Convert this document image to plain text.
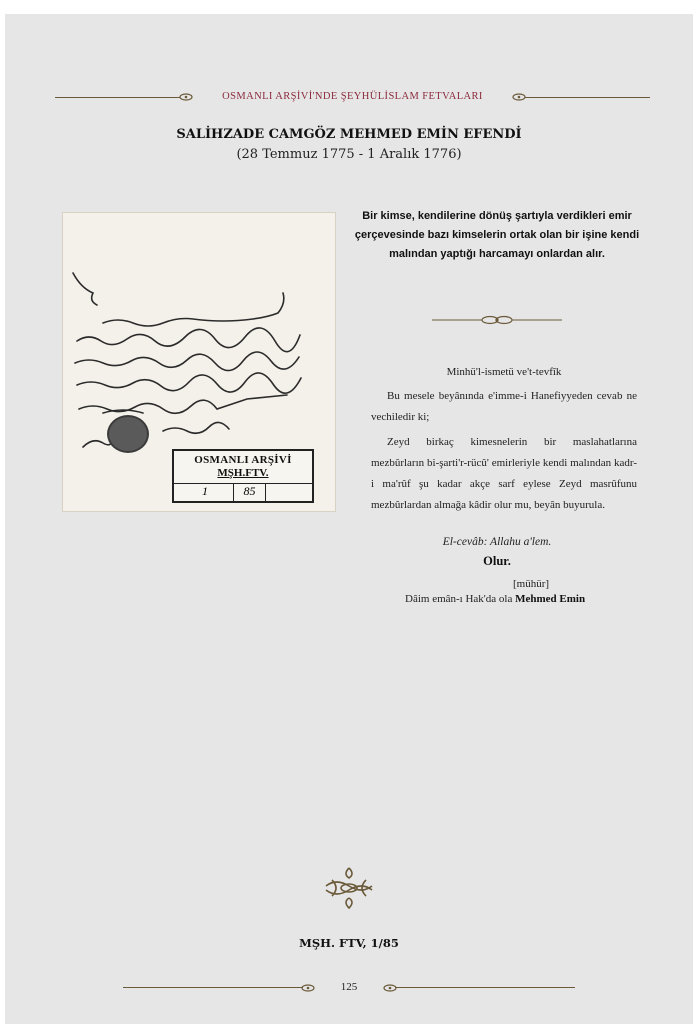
OSMANLI ARŞİVİ'NDE ŞEYHÜLİSLAM FETVALARI
SALİHZADE CAMGÖZ MEHMED EMİN EFENDİ
(28 Temmuz 1775 - 1 Aralık 1776)
OSMANLI ARŞİVİ
MŞH.FTV.
1	85
Bir kimse, kendilerine dönüş şartıyla verdikleri emir çerçevesinde bazı kimselerin ortak olan bir işine kendi malından yaptığı harcamayı onlardan alır.
Minhü'l-ismetü ve't-tevfîk
Bu mesele beyânında e'imme-i Hanefiyyeden cevab ne vechiledir ki;
Zeyd birkaç kimesnelerin bir maslahatlarına mezbûrların bi-şarti'r-rücû' emirleriyle kendi malından kadr-i ma'rûf şu kadar akçe sarf eylese Zeyd masrûfunu mezbûrlardan almağa kâdir olur mu, beyân buyurula.
El-cevâb: Allahu a'lem.
Olur.
[mühür]
Dâim emân-ı Hak'da ola Mehmed Emin
MŞH. FTV, 1/85
125
